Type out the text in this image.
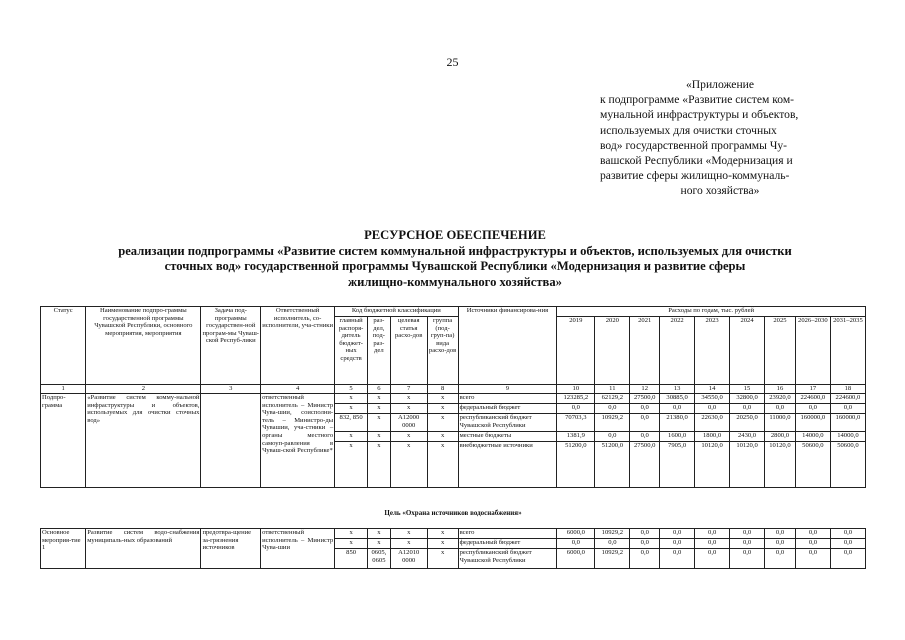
25
«Приложение
к подпрограмме «Развитие систем ком-
мунальной инфраструктуры и объектов,
используемых для очистки сточных
вод» государственной программы Чу-
вашской Республики «Модернизация и
развитие сферы жилищно-коммуналь-
ного хозяйства»
РЕСУРСНОЕ ОБЕСПЕЧЕНИЕ
реализации подпрограммы «Развитие систем коммунальной инфраструктуры и объектов, используемых для очистки
сточных вод» государственной программы Чувашской Республики «Модернизация и развитие сферы
жилищно-коммунального хозяйства»
Статус	Наименование подпро-граммы государственной программы Чувашской Республики, основного мероприятия, мероприятия	Задача под-программы государствен-ной програм-мы Чуваш-ской Респуб-лики	Ответственный исполнитель, со-исполнители, уча-стники	Код бюджетной классификации				Источники финансирова-ния	Расходы по годам, тыс. рублей								
				главный распоря-дитель бюджет-ных средств	раз-дел, под-раз-дел	целевая статья расхо-дов	группа (под-груп-па) вида расхо-дов		2019	2020	2021	2022	2023	2024	2025	2026–2030	2031–2035
1	2	3	4	5	6	7	8	9	10	11	12	13	14	15	16	17	18
Подпро-грамма	«Развитие систем комму-нальной инфраструктуры и объектов, используемых для очистки сточных вод»		ответственный исполнитель – Министр Чува-шии, соисполни-тель – Министро-ды Чувашии, уча-стники – органы местного самоуп-равления в Чуваш-ской Республике*	x	x	x	x	всего	123285,2	62129,2	27500,0	30885,0	34550,0	32800,0	23920,0	224600,0	224600,0
				x	x	x	x	федеральный бюджет	0,0	0,0	0,0	0,0	0,0	0,0	0,0	0,0	0,0
				832, 850	x	A12000 0000	x	республиканский бюджет Чувашской Республики	70703,3	10929,2	0,0	21380,0	22630,0	20250,0	11000,0	160000,0	160000,0
				x	x	x	x	местные бюджеты	1381,9	0,0	0,0	1600,0	1800,0	2430,0	2800,0	14000,0	14000,0
				x	x	x	x	внебюджетные источники	51200,0	51200,0	27500,0	7905,0	10120,0	10120,0	10120,0	50600,0	50600,0
Цель «Охрана источников водоснабжения»
Основное мероприя-тие 1	Развитие систем водо-снабжения муниципаль-ных образований	предотвра-щение за-грязнения источников	ответственный исполнитель – Министр Чува-шии	x	x	x	x	всего	6000,0	10929,2	0,0	0,0	0,0	0,0	0,0	0,0	0,0
				x	x	x	x	федеральный бюджет	0,0	0,0	0,0	0,0	0,0	0,0	0,0	0,0	0,0
				850	0605, 0605	A12010 0000	x	республиканский бюджет Чувашской Республики	6000,0	10929,2	0,0	0,0	0,0	0,0	0,0	0,0	0,0
